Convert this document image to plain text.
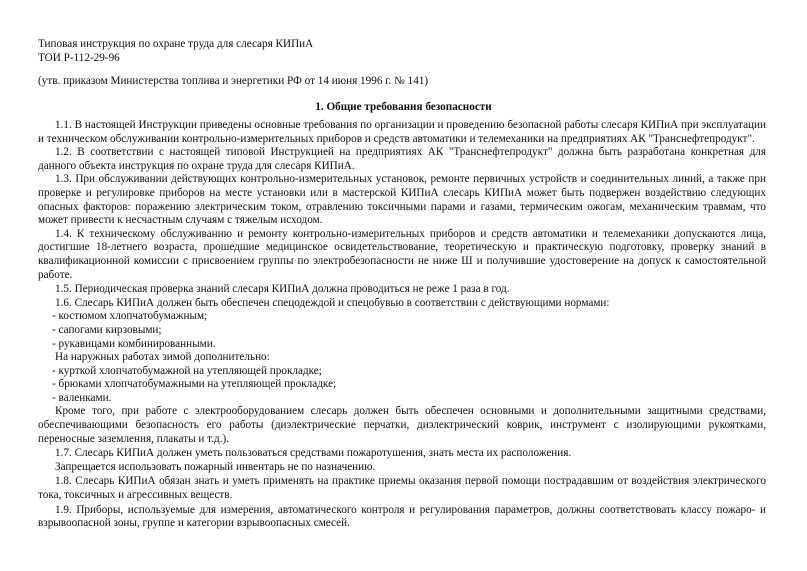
Типовая инструкция по охране труда для слесаря КИПиА
ТОИ Р-112-29-96
(утв. приказом Министерства топлива и энергетики РФ от 14 июня 1996 г. № 141)
1. Общие требования безопасности

1.1. В настоящей Инструкции приведены основные требования по организации и проведению безопасной работы слесаря КИПиА при эксплуатации и техническом обслуживании контрольно-измерительных приборов и средств автоматики и телемеханики на предприятиях АК "Транснефтепродукт".

1.2. В соответствии с настоящей типовой Инструкцией на предприятиях АК "Транснефтепродукт" должна быть разработана конкретная для данного объекта инструкция по охране труда для слесаря КИПиА.

1.3. При обслуживании действующих контрольно-измерительных установок, ремонте первичных устройств и соединительных линий, а также при проверке и регулировке приборов на месте установки или в мастерской КИПиА слесарь КИПиА может быть подвержен воздействию следующих опасных факторов: поражению электрическим током, отравлению токсичными парами и газами, термическим ожогам, механическим травмам, что может привести к несчастным случаям с тяжелым исходом.

1.4. К техническому обслуживанию и ремонту контрольно-измерительных приборов и средств автоматики и телемеханики допускаются лица, достигшие 18-летнего возраста, прошедшие медицинское освидетельствование, теоретическую и практическую подготовку, проверку знаний в квалификационной комиссии с присвоением группы по электробезопасности не ниже Ш и получившие удостоверение на допуск к самостоятельной работе.

1.5. Периодическая проверка знаний слесаря КИПиА должна проводиться не реже 1 раза в год.

1.6. Слесарь КИПиА должен быть обеспечен спецодеждой и спецобувью в соответствии с действующими нормами:

- костюмом хлопчатобумажным;

- сапогами кирзовыми;

- рукавицами комбинированными.

На наружных работах зимой дополнительно:

- курткой хлопчатобумажной на утепляющей прокладке;

- брюками хлопчатобумажными на утепляющей прокладке;

- валенками.

Кроме того, при работе с электрооборудованием слесарь должен быть обеспечен основными и дополнительными защитными средствами, обеспечивающими безопасность его работы (диэлектрические перчатки, диэлектрический коврик, инструмент с изолирующими рукоятками, переносные заземления, плакаты и т.д.).

1.7. Слесарь КИПиА должен уметь пользоваться средствами пожаротушения, знать места их расположения.

Запрещается использовать пожарный инвентарь не по назначению.

1.8. Слесарь КИПиА обязан знать и уметь применять на практике приемы оказания первой помощи пострадавшим от воздействия электрического тока, токсичных и агрессивных веществ.

1.9. Приборы, используемые для измерения, автоматического контроля и регулирования параметров, должны соответствовать классу пожаро- и взрывоопасной зоны, группе и категории взрывоопасных смесей.
